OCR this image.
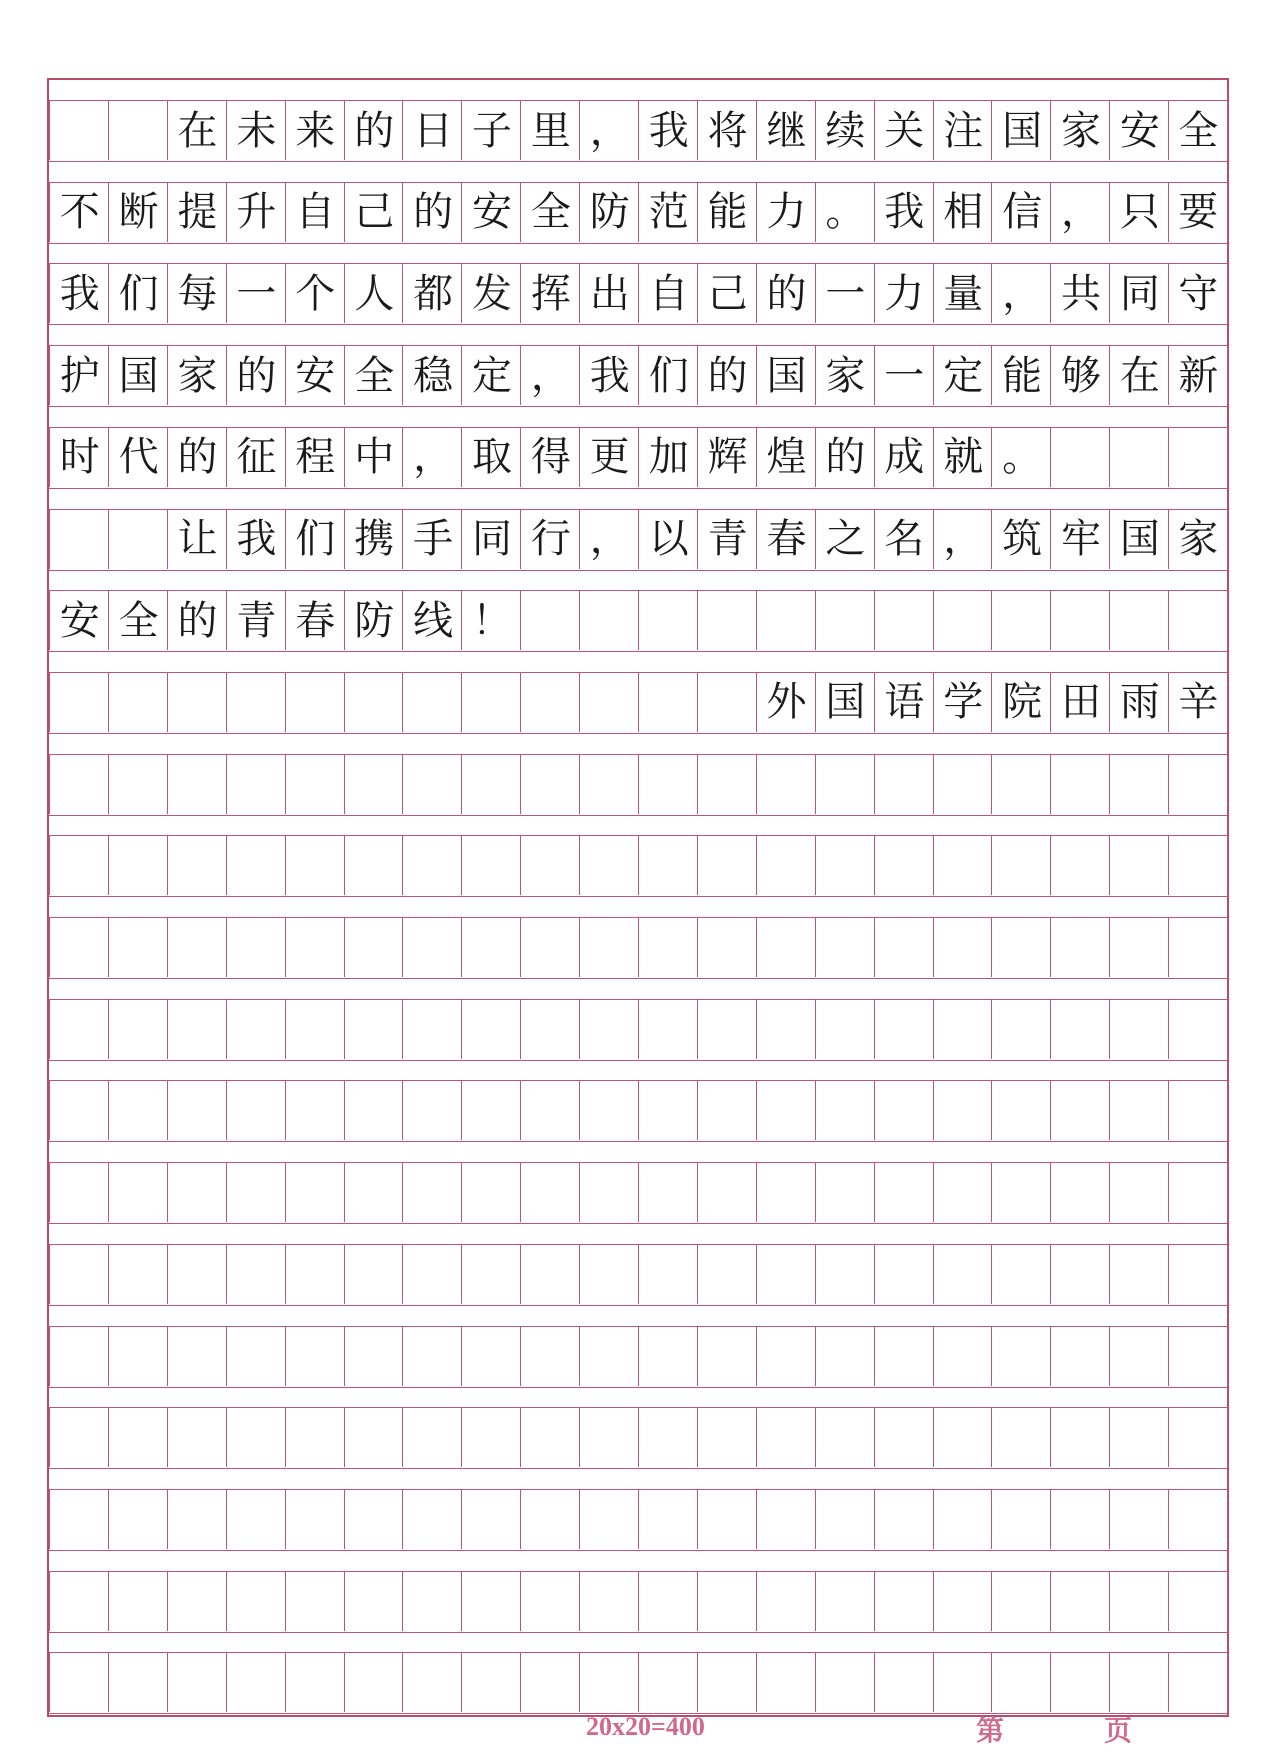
在 未 来 的 日 子 里 ， 我 将 继 续 关 注 国 家 安 全
不 断 提 升 自 己 的 安 全 防 范 能 力 。 我 相 信 ， 只 要
我 们 每 一 个 人 都 发 挥 出 自 己 的 一 力 量 ， 共 同 守
护 国 家 的 安 全 稳 定 ， 我 们 的 国 家 一 定 能 够 在 新
时 代 的 征 程 中 ， 取 得 更 加 辉 煌 的 成 就 。
让 我 们 携 手 同 行 ， 以 青 春 之 名 ， 筑 牢 国 家
安 全 的 青 春 防 线 ！
外 国 语 学 院 田 雨 辛
20x20=400	第	页
